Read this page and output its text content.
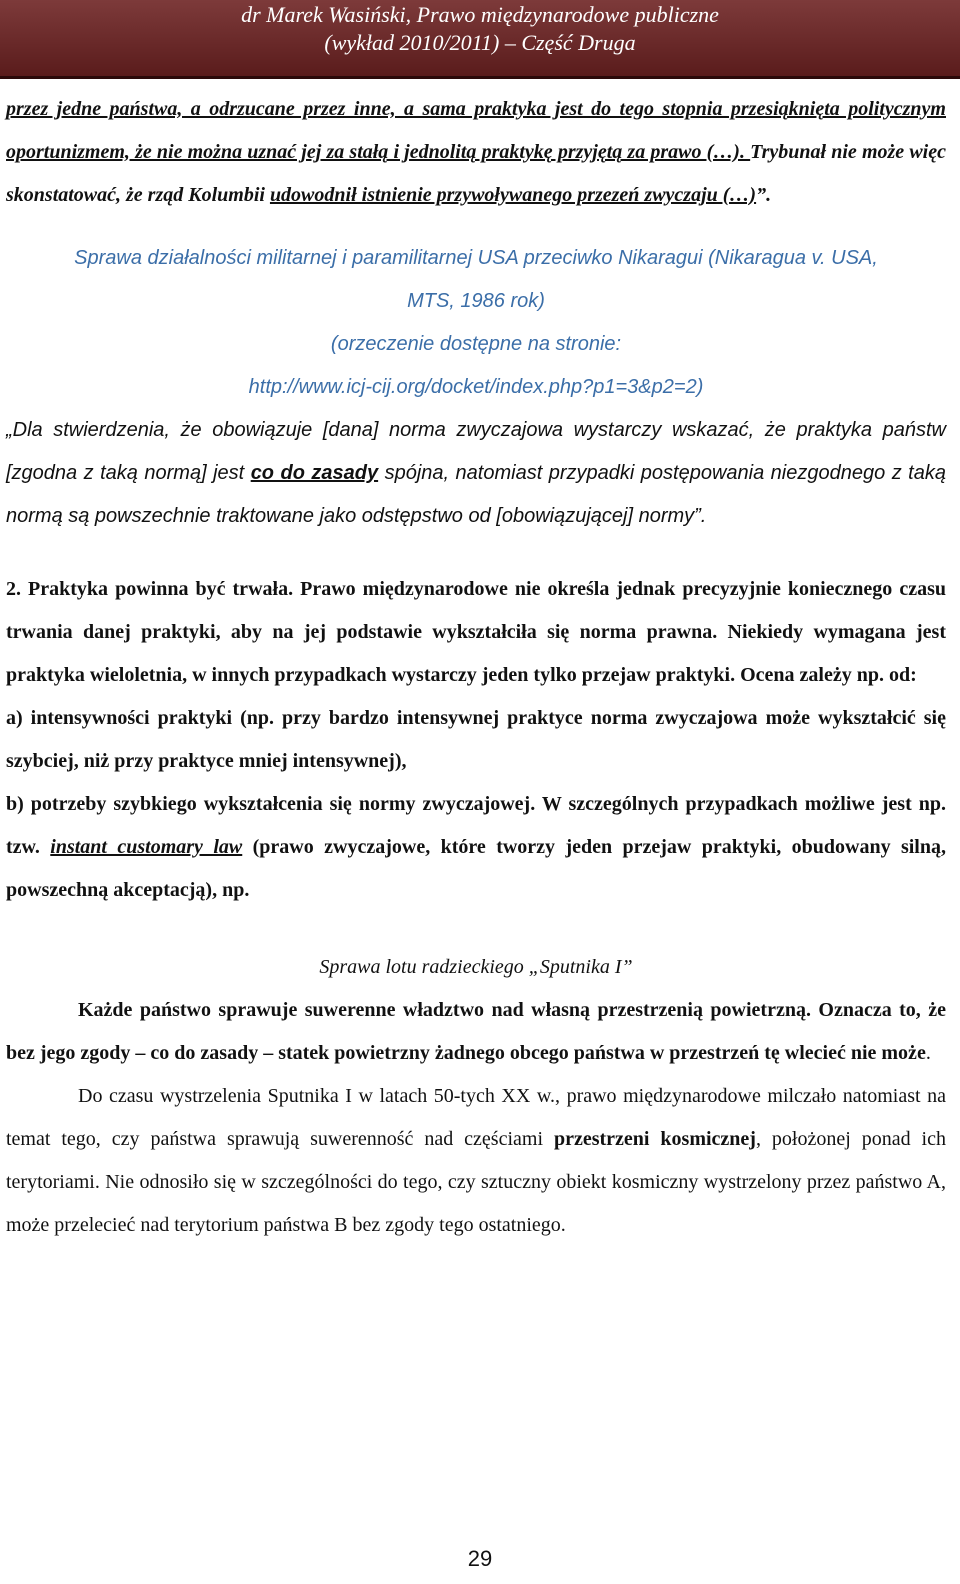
dr Marek Wasiński, Prawo międzynarodowe publiczne
(wykład 2010/2011) – Część Druga

przez jedne państwa, a odrzucane przez inne, a sama praktyka jest do tego stopnia przesiąknięta politycznym oportunizmem, że nie można uznać jej za stałą i jednolitą praktykę przyjętą za prawo (…). Trybunał nie może więc skonstatować, że rząd Kolumbii udowodnił istnienie przywoływanego przezeń zwyczaju (…)”.

Sprawa działalności militarnej i paramilitarnej USA przeciwko Nikaragui (Nikaragua v. USA,
MTS, 1986 rok)
(orzeczenie dostępne na stronie:
http://www.icj-cij.org/docket/index.php?p1=3&p2=2)

„Dla stwierdzenia, że obowiązuje [dana] norma zwyczajowa wystarczy wskazać, że praktyka państw [zgodna z taką normą] jest co do zasady spójna, natomiast przypadki postępowania niezgodnego z taką normą są powszechnie traktowane jako odstępstwo od [obowiązującej] normy”.

2. Praktyka powinna być trwała. Prawo międzynarodowe nie określa jednak precyzyjnie koniecznego czasu trwania danej praktyki, aby na jej podstawie wykształciła się norma prawna. Niekiedy wymagana jest praktyka wieloletnia, w innych przypadkach wystarczy jeden tylko przejaw praktyki. Ocena zależy np. od:

a) intensywności praktyki (np. przy bardzo intensywnej praktyce norma zwyczajowa może wykształcić się szybciej, niż przy praktyce mniej intensywnej),

b) potrzeby szybkiego wykształcenia się normy zwyczajowej. W szczególnych przypadkach możliwe jest np. tzw. instant customary law (prawo zwyczajowe, które tworzy jeden przejaw praktyki, obudowany silną, powszechną akceptacją), np.

Sprawa lotu radzieckiego „Sputnika I”

Każde państwo sprawuje suwerenne władztwo nad własną przestrzenią powietrzną. Oznacza to, że bez jego zgody – co do zasady – statek powietrzny żadnego obcego państwa w przestrzeń tę wlecieć nie może.

Do czasu wystrzelenia Sputnika I w latach 50-tych XX w., prawo międzynarodowe milczało natomiast na temat tego, czy państwa sprawują suwerenność nad częściami przestrzeni kosmicznej, położonej ponad ich terytoriami. Nie odnosiło się w szczególności do tego, czy sztuczny obiekt kosmiczny wystrzelony przez państwo A, może przelecieć nad terytorium państwa B bez zgody tego ostatniego.

29
